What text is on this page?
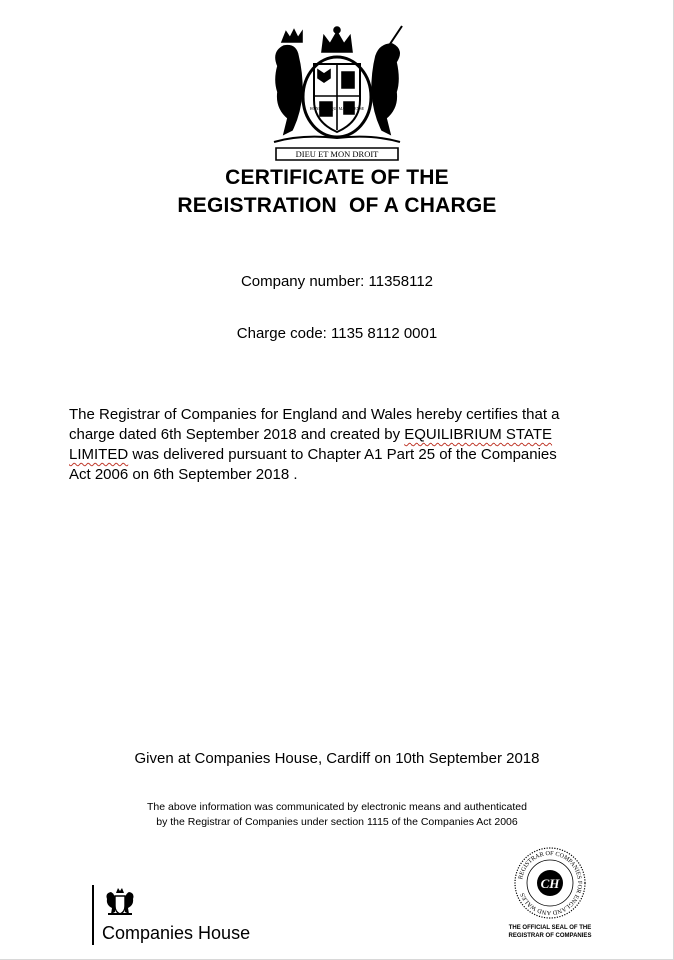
DIEU ET MON DROIT
HONI SOIT QUI MAL Y PENSE
CERTIFICATE OF THE
REGISTRATION  OF A CHARGE
Company number: 11358112
Charge code: 1135 8112 0001
The Registrar of Companies for England and Wales hereby certifies that a
charge dated 6th September 2018 and created by EQUILIBRIUM STATE
LIMITED was delivered pursuant to Chapter A1 Part 25 of the Companies
Act 2006 on 6th September 2018 .
Given at Companies House, Cardiff on 10th September 2018
The above information was communicated by electronic means and authenticated
by the Registrar of Companies under section 1115 of the Companies Act 2006
Companies House
REGISTRAR OF COMPANIES FOR ENGLAND AND WALES
CH
THE OFFICIAL SEAL OF THE
REGISTRAR OF COMPANIES
